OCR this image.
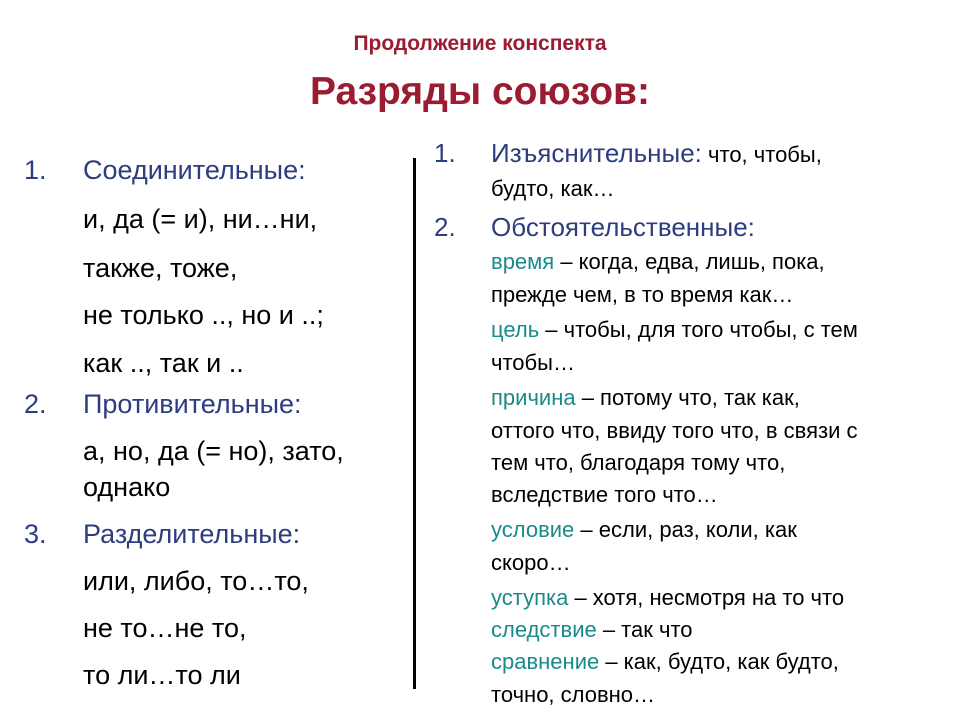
Продолжение конспекта
Разряды союзов:
1. Соединительные:
и, да (= и), ни…ни,
также, тоже,
не только .., но и ..;
как .., так и ..
2. Противительные:
а, но, да (= но), зато,
однако
3. Разделительные:
или, либо, то…то,
не то…не то,
то ли…то ли
1. Изъяснительные: что, чтобы,
будто, как…
2. Обстоятельственные:
время – когда, едва, лишь, пока,
прежде чем, в то время как…
цель – чтобы, для того чтобы, с тем
чтобы…
причина – потому что, так как,
оттого что, ввиду того что, в связи с
тем что, благодаря тому что,
вследствие того что…
условие – если, раз, коли, как
скоро…
уступка – хотя, несмотря на то что
следствие – так что
сравнение – как, будто, как будто,
точно, словно…
